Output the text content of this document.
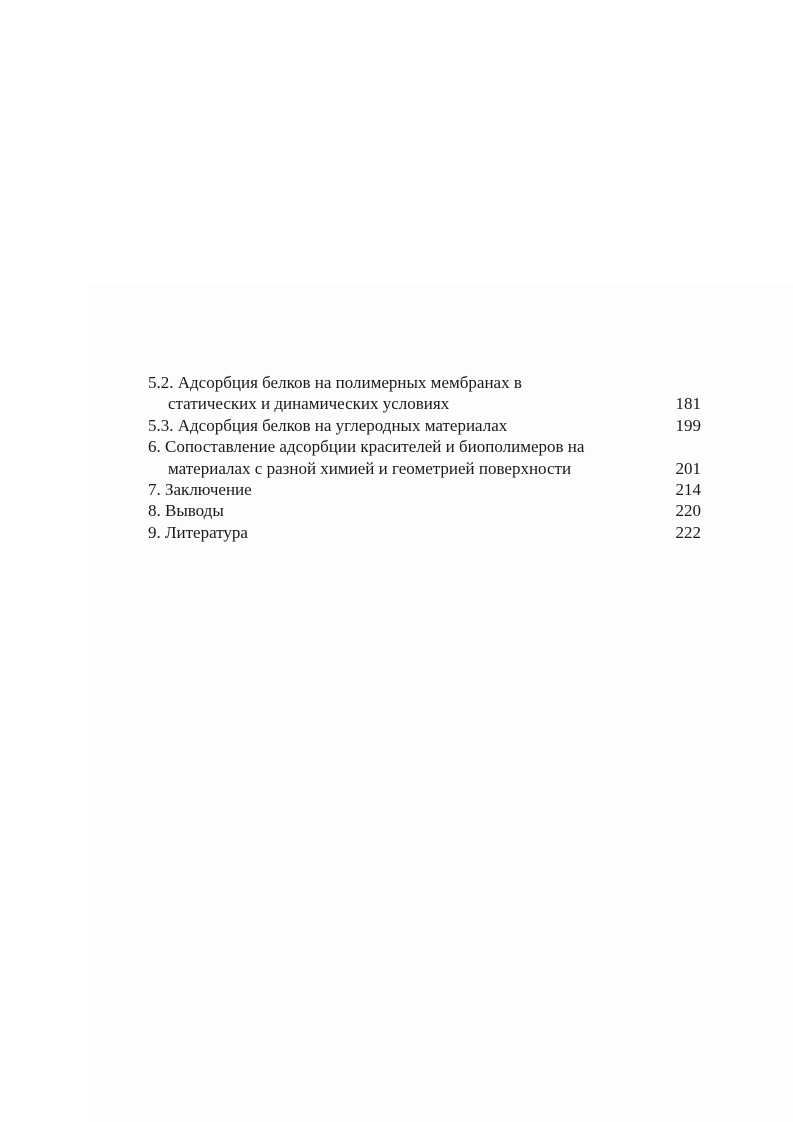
5.2. Адсорбция белков на полимерных мембранах в
статических и динамических условиях	181
5.3. Адсорбция белков на углеродных материалах	199
6. Сопоставление адсорбции красителей и биополимеров на
материалах с разной химией и геометрией поверхности	201
7. Заключение	214
8. Выводы	220
9. Литература	222
